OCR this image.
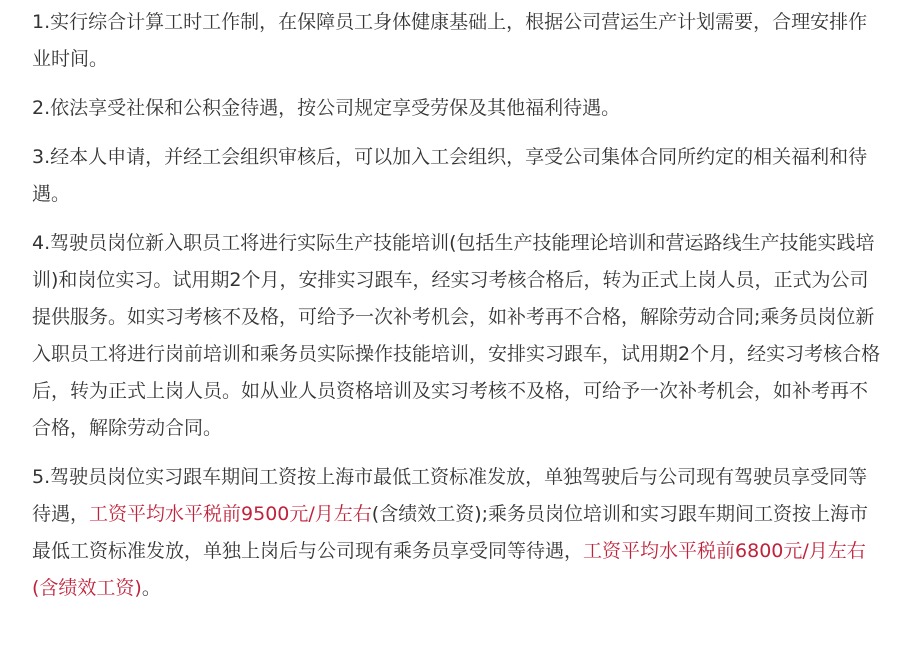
1.实行综合计算工时工作制，在保障员工身体健康基础上，根据公司营运生产计划需要，合理安排作业时间。

2.依法享受社保和公积金待遇，按公司规定享受劳保及其他福利待遇。

3.经本人申请，并经工会组织审核后，可以加入工会组织，享受公司集体合同所约定的相关福利和待遇。

4.驾驶员岗位新入职员工将进行实际生产技能培训(包括生产技能理论培训和营运路线生产技能实践培训)和岗位实习。试用期2个月，安排实习跟车，经实习考核合格后，转为正式上岗人员，正式为公司提供服务。如实习考核不及格，可给予一次补考机会，如补考再不合格，解除劳动合同;乘务员岗位新入职员工将进行岗前培训和乘务员实际操作技能培训，安排实习跟车，试用期2个月，经实习考核合格后，转为正式上岗人员。如从业人员资格培训及实习考核不及格，可给予一次补考机会，如补考再不合格，解除劳动合同。

5.驾驶员岗位实习跟车期间工资按上海市最低工资标准发放，单独驾驶后与公司现有驾驶员享受同等待遇，工资平均水平税前9500元/月左右(含绩效工资);乘务员岗位培训和实习跟车期间工资按上海市最低工资标准发放，单独上岗后与公司现有乘务员享受同等待遇，工资平均水平税前6800元/月左右(含绩效工资)。
